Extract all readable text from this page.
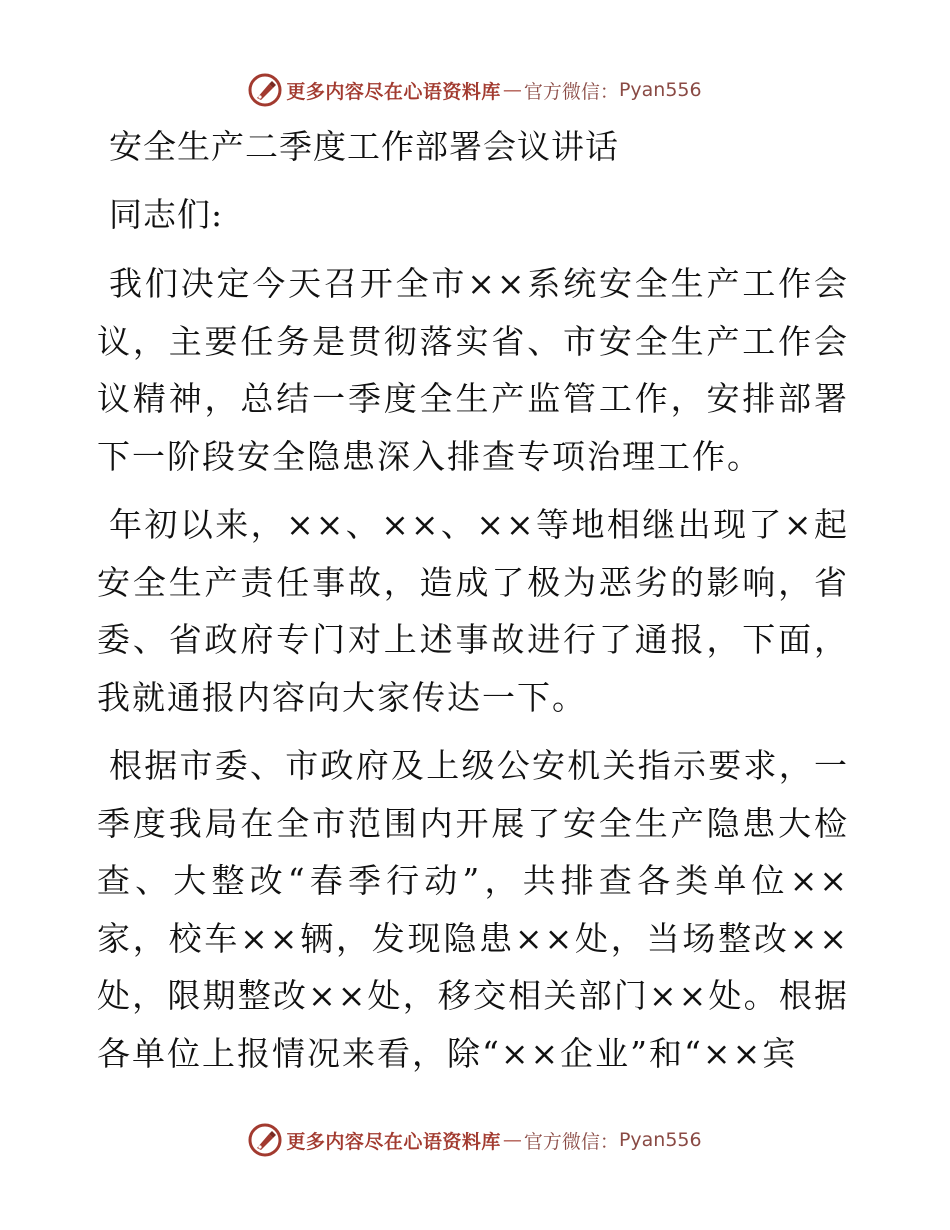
更多内容尽在心语资料库 — 官方微信： Pyan556
安全生产二季度工作部署会议讲话

同志们:

我们决定今天召开全市××系统安全生产工作会议，主要任务是贯彻落实省、市安全生产工作会议精神，总结一季度全生产监管工作，安排部署下一阶段安全隐患深入排查专项治理工作。

年初以来，××、××、××等地相继出现了×起安全生产责任事故，造成了极为恶劣的影响，省委、省政府专门对上述事故进行了通报，下面，我就通报内容向大家传达一下。

根据市委、市政府及上级公安机关指示要求，一季度我局在全市范围内开展了安全生产隐患大检查、大整改“春季行动”，共排查各类单位××家，校车××辆，发现隐患××处，当场整改××处，限期整改××处，移交相关部门××处。根据各单位上报情况来看，除“××企业”和“××宾

更多内容尽在心语资料库 — 官方微信： Pyan556
